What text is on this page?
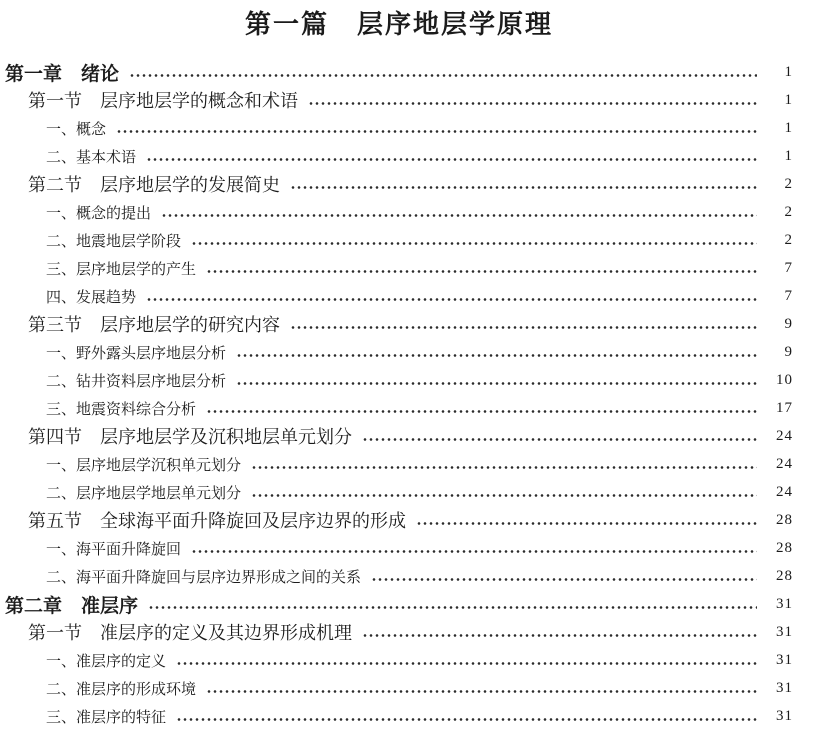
第一篇　层序地层学原理
第一章　绪论	1
第一节　层序地层学的概念和术语	1
一、概念	1
二、基本术语	1
第二节　层序地层学的发展简史	2
一、概念的提出	2
二、地震地层学阶段	2
三、层序地层学的产生	7
四、发展趋势	7
第三节　层序地层学的研究内容	9
一、野外露头层序地层分析	9
二、钻井资料层序地层分析	10
三、地震资料综合分析	17
第四节　层序地层学及沉积地层单元划分	24
一、层序地层学沉积单元划分	24
二、层序地层学地层单元划分	24
第五节　全球海平面升降旋回及层序边界的形成	28
一、海平面升降旋回	28
二、海平面升降旋回与层序边界形成之间的关系	28
第二章　准层序	31
第一节　准层序的定义及其边界形成机理	31
一、准层序的定义	31
二、准层序的形成环境	31
三、准层序的特征	31
